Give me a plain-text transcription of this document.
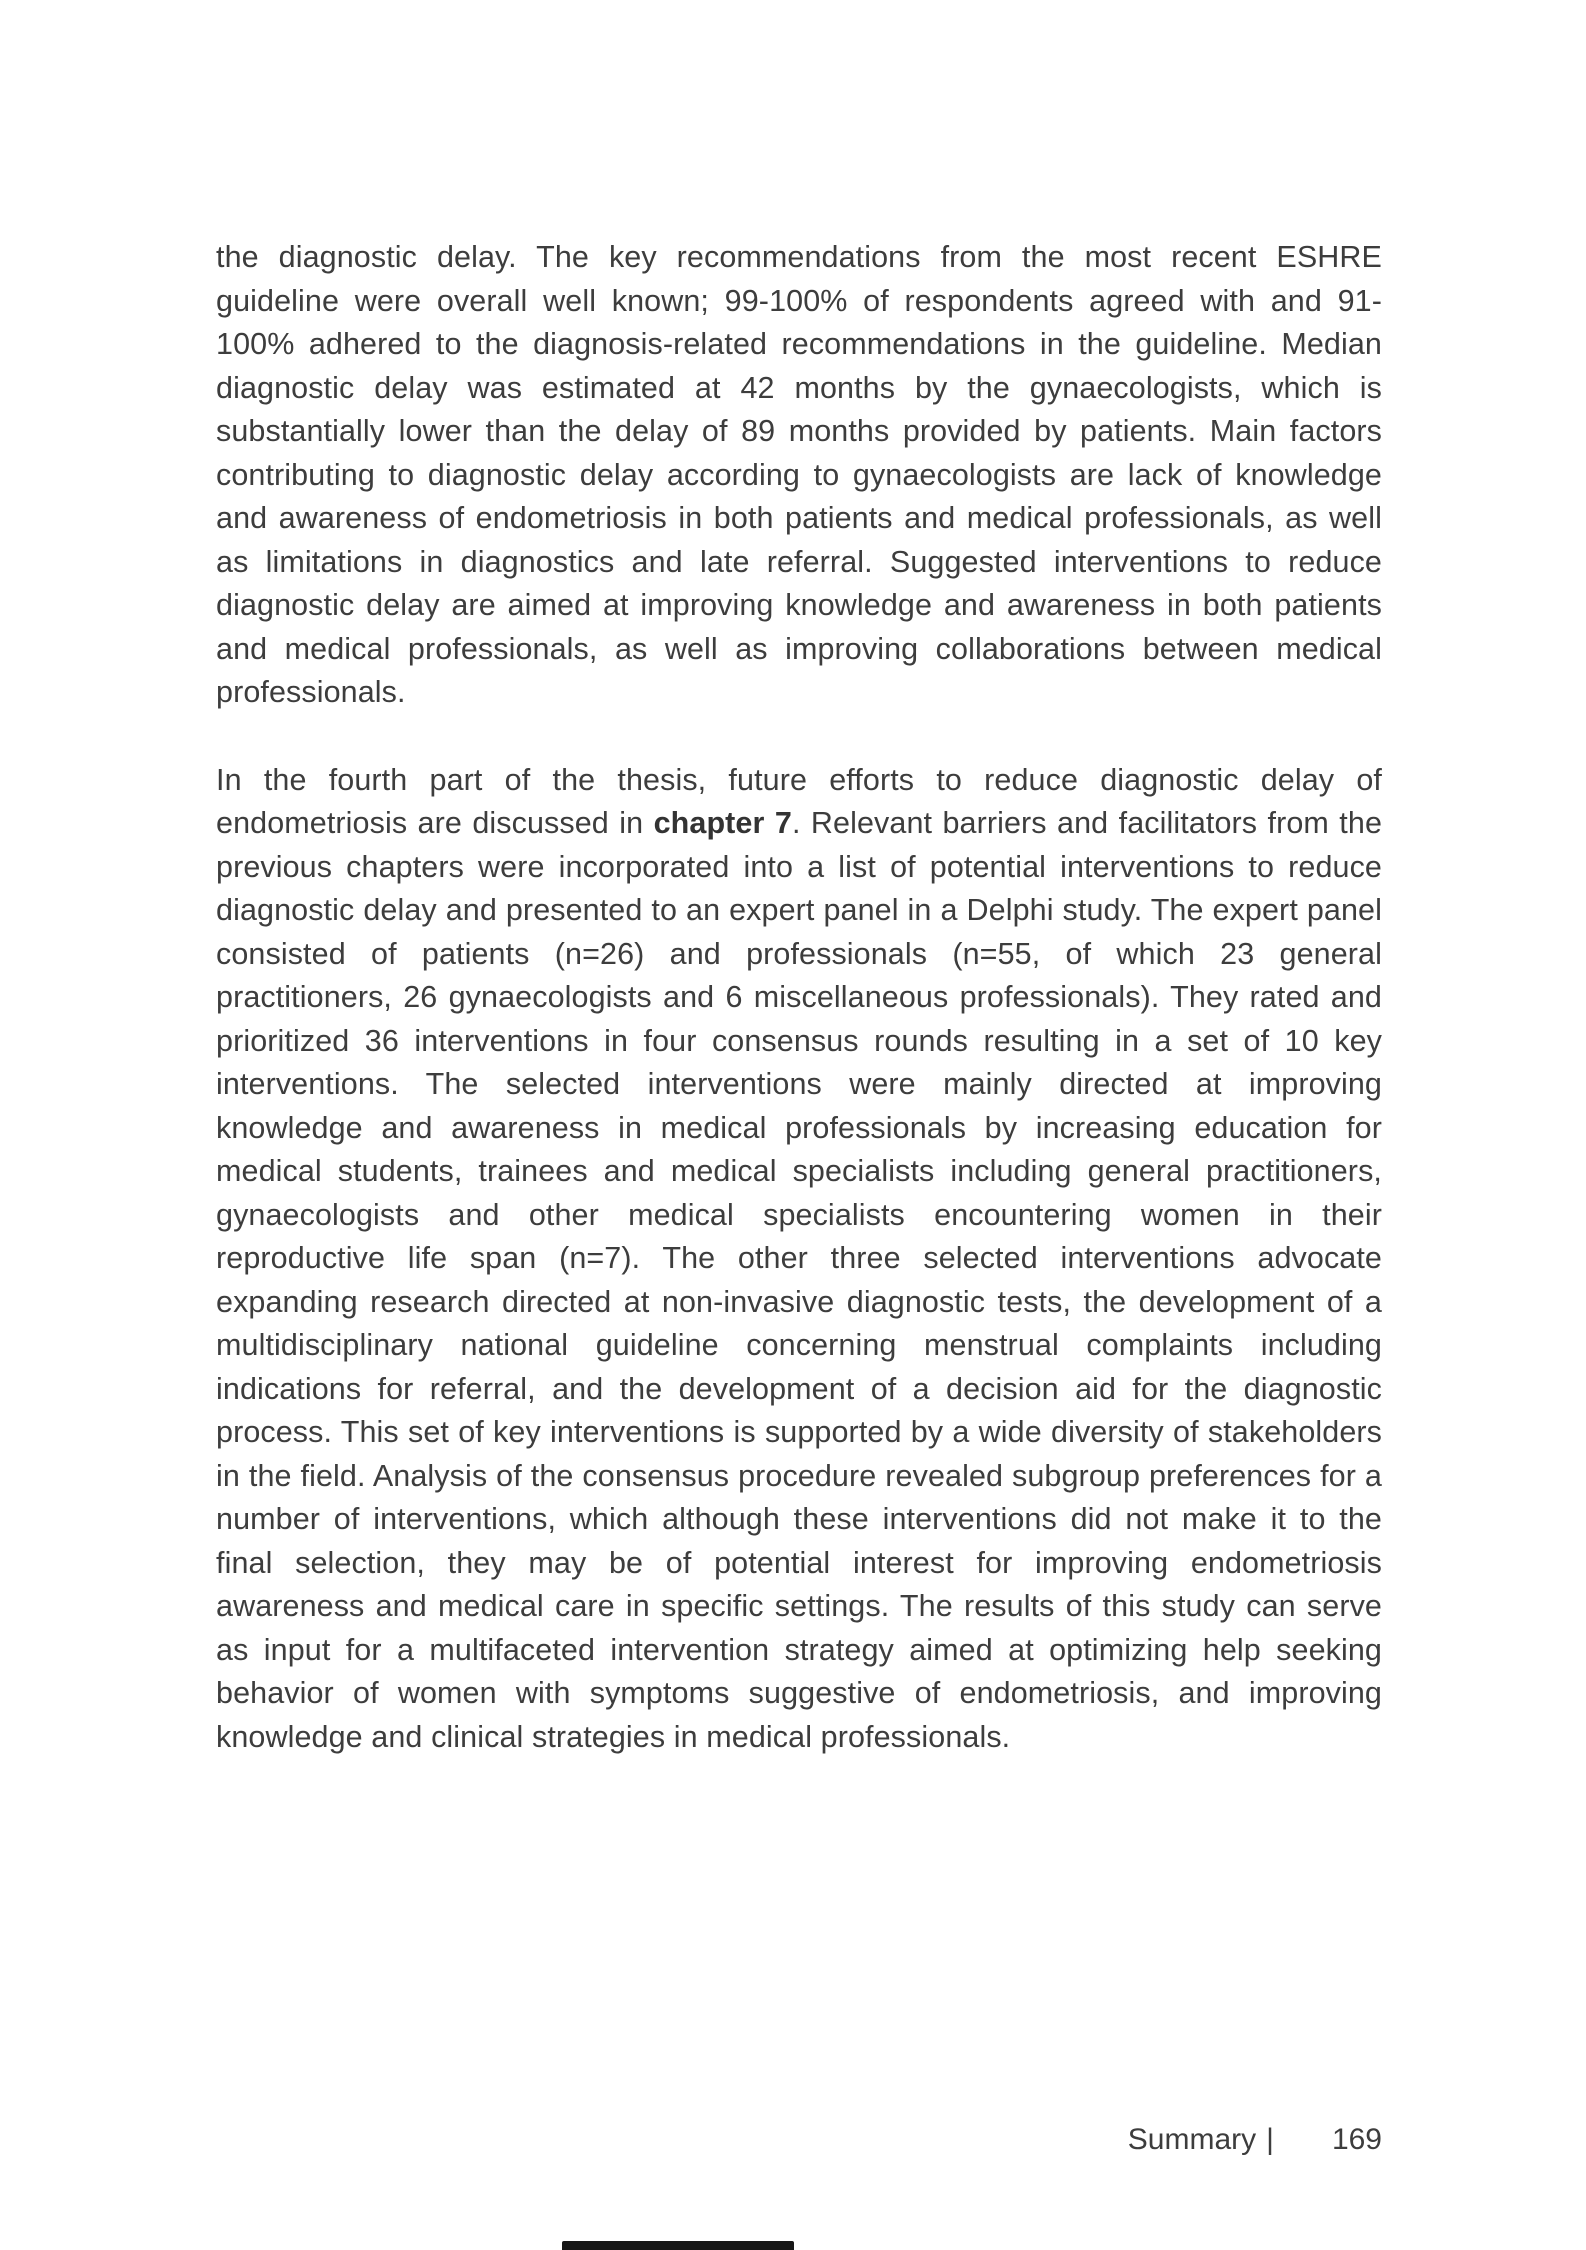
the diagnostic delay. The key recommendations from the most recent ESHRE guideline were overall well known; 99-100% of respondents agreed with and 91-100% adhered to the diagnosis-related recommendations in the guideline. Median diagnostic delay was estimated at 42 months by the gynaecologists, which is substantially lower than the delay of 89 months provided by patients. Main factors contributing to diagnostic delay according to gynaecologists are lack of knowledge and awareness of endometriosis in both patients and medical professionals, as well as limitations in diagnostics and late referral. Suggested interventions to reduce diagnostic delay are aimed at improving knowledge and awareness in both patients and medical professionals, as well as improving collaborations between medical professionals.

In the fourth part of the thesis, future efforts to reduce diagnostic delay of endometriosis are discussed in chapter 7. Relevant barriers and facilitators from the previous chapters were incorporated into a list of potential interventions to reduce diagnostic delay and presented to an expert panel in a Delphi study. The expert panel consisted of patients (n=26) and professionals (n=55, of which 23 general practitioners, 26 gynaecologists and 6 miscellaneous professionals). They rated and prioritized 36 interventions in four consensus rounds resulting in a set of 10 key interventions. The selected interventions were mainly directed at improving knowledge and awareness in medical professionals by increasing education for medical students, trainees and medical specialists including general practitioners, gynaecologists and other medical specialists encountering women in their reproductive life span (n=7). The other three selected interventions advocate expanding research directed at non-invasive diagnostic tests, the development of a multidisciplinary national guideline concerning menstrual complaints including indications for referral, and the development of a decision aid for the diagnostic process. This set of key interventions is supported by a wide diversity of stakeholders in the field. Analysis of the consensus procedure revealed subgroup preferences for a number of interventions, which although these interventions did not make it to the final selection, they may be of potential interest for improving endometriosis awareness and medical care in specific settings. The results of this study can serve as input for a multifaceted intervention strategy aimed at optimizing help seeking behavior of women with symptoms suggestive of endometriosis, and improving knowledge and clinical strategies in medical professionals.

Summary | 169
